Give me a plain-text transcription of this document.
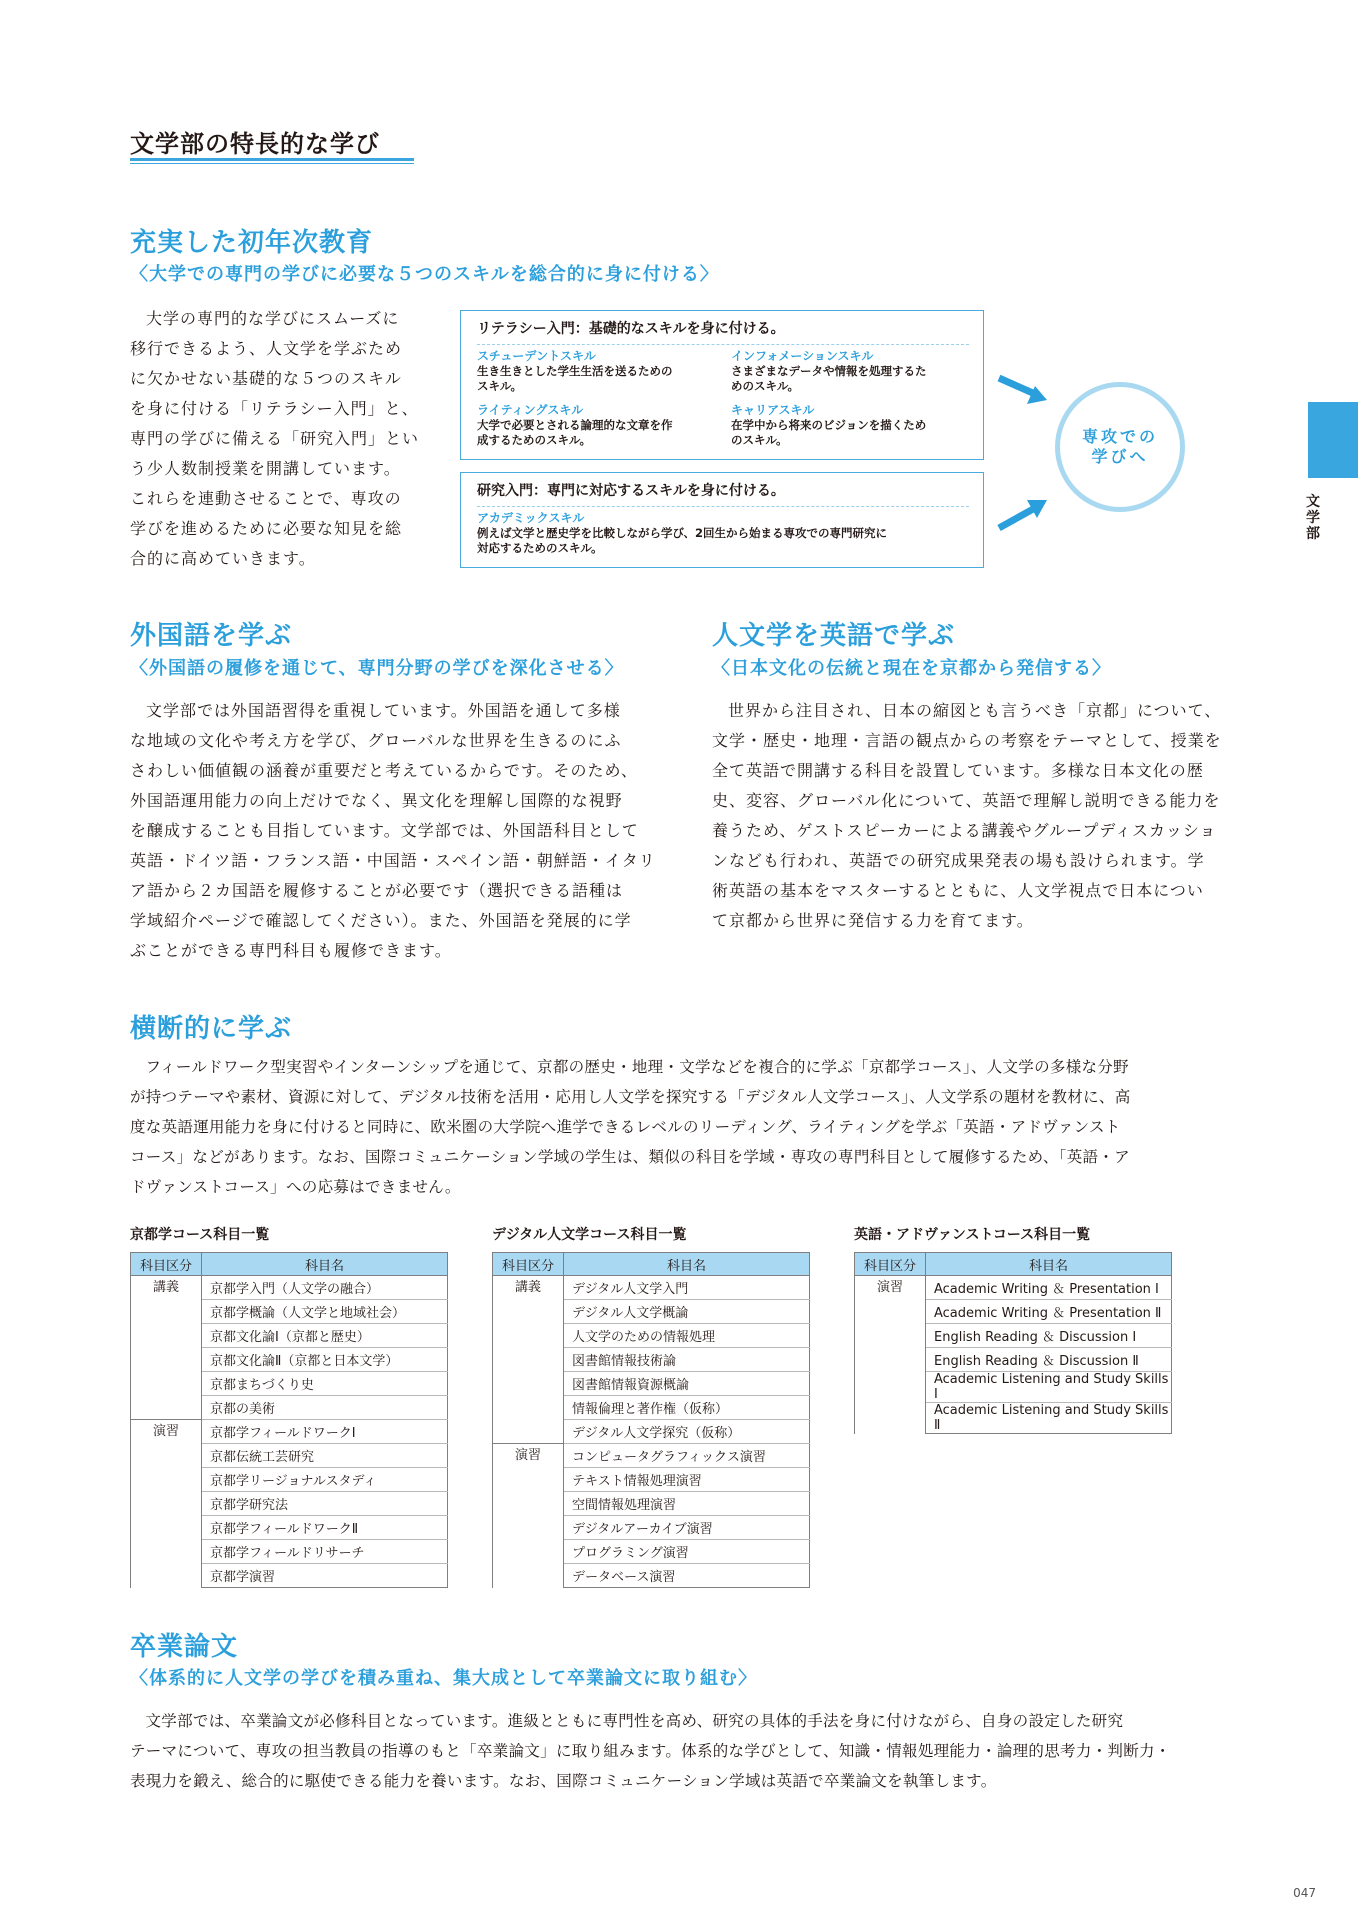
文学部の特長的な学び
文学部
充実した初年次教育
〈大学での専門の学びに必要な５つのスキルを総合的に身に付ける〉
大学の専門的な学びにスムーズに
移行できるよう、人文学を学ぶため
に欠かせない基礎的な５つのスキル
を身に付ける「リテラシー入門」と、
専門の学びに備える「研究入門」とい
う少人数制授業を開講しています。
これらを連動させることで、専攻の
学びを進めるために必要な知見を総
合的に高めていきます。
リテラシー入門：基礎的なスキルを身に付ける。
スチューデントスキル
生き生きとした学生生活を送るための
スキル。
インフォメーションスキル
さまざまなデータや情報を処理するた
めのスキル。
ライティングスキル
大学で必要とされる論理的な文章を作
成するためのスキル。
キャリアスキル
在学中から将来のビジョンを描くため
のスキル。
研究入門：専門に対応するスキルを身に付ける。
アカデミックスキル
例えば文学と歴史学を比較しながら学び、2回生から始まる専攻での専門研究に
対応するためのスキル。
専攻での
学びへ
外国語を学ぶ
〈外国語の履修を通じて、専門分野の学びを深化させる〉
文学部では外国語習得を重視しています。外国語を通して多様
な地域の文化や考え方を学び、グローバルな世界を生きるのにふ
さわしい価値観の涵養が重要だと考えているからです。そのため、
外国語運用能力の向上だけでなく、異文化を理解し国際的な視野
を醸成することも目指しています。文学部では、外国語科目として
英語・ドイツ語・フランス語・中国語・スペイン語・朝鮮語・イタリ
ア語から２カ国語を履修することが必要です（選択できる語種は
学域紹介ページで確認してください）。また、外国語を発展的に学
ぶことができる専門科目も履修できます。
人文学を英語で学ぶ
〈日本文化の伝統と現在を京都から発信する〉
世界から注目され、日本の縮図とも言うべき「京都」について、
文学・歴史・地理・言語の観点からの考察をテーマとして、授業を
全て英語で開講する科目を設置しています。多様な日本文化の歴
史、変容、グローバル化について、英語で理解し説明できる能力を
養うため、ゲストスピーカーによる講義やグループディスカッショ
ンなども行われ、英語での研究成果発表の場も設けられます。学
術英語の基本をマスターするとともに、人文学視点で日本につい
て京都から世界に発信する力を育てます。
横断的に学ぶ
フィールドワーク型実習やインターンシップを通じて、京都の歴史・地理・文学などを複合的に学ぶ「京都学コース」、人文学の多様な分野
が持つテーマや素材、資源に対して、デジタル技術を活用・応用し人文学を探究する「デジタル人文学コース」、人文学系の題材を教材に、高
度な英語運用能力を身に付けると同時に、欧米圏の大学院へ進学できるレベルのリーディング、ライティングを学ぶ「英語・アドヴァンスト
コース」などがあります。なお、国際コミュニケーション学域の学生は、類似の科目を学域・専攻の専門科目として履修するため、「英語・ア
ドヴァンストコース」への応募はできません。
京都学コース科目一覧	デジタル人文学コース科目一覧	英語・アドヴァンストコース科目一覧
科目区分	科目名
講義	京都学入門（人文学の融合）
	京都学概論（人文学と地域社会）
	京都文化論Ⅰ（京都と歴史）
	京都文化論Ⅱ（京都と日本文学）
	京都まちづくり史
	京都の美術
演習	京都学フィールドワークⅠ
	京都伝統工芸研究
	京都学リージョナルスタディ
	京都学研究法
	京都学フィールドワークⅡ
	京都学フィールドリサーチ
	京都学演習
科目区分	科目名
講義	デジタル人文学入門
	デジタル人文学概論
	人文学のための情報処理
	図書館情報技術論
	図書館情報資源概論
	情報倫理と著作権（仮称）
	デジタル人文学探究（仮称）
演習	コンピュータグラフィックス演習
	テキスト情報処理演習
	空間情報処理演習
	デジタルアーカイブ演習
	プログラミング演習
	データベース演習
科目区分	科目名
演習	Academic Writing ＆ Presentation Ⅰ
	Academic Writing ＆ Presentation Ⅱ
	English Reading ＆ Discussion Ⅰ
	English Reading ＆ Discussion Ⅱ
	Academic Listening and Study Skills Ⅰ
	Academic Listening and Study Skills Ⅱ
卒業論文
〈体系的に人文学の学びを積み重ね、集大成として卒業論文に取り組む〉
文学部では、卒業論文が必修科目となっています。進級とともに専門性を高め、研究の具体的手法を身に付けながら、自身の設定した研究
テーマについて、専攻の担当教員の指導のもと「卒業論文」に取り組みます。体系的な学びとして、知識・情報処理能力・論理的思考力・判断力・
表現力を鍛え、総合的に駆使できる能力を養います。なお、国際コミュニケーション学域は英語で卒業論文を執筆します。
047
